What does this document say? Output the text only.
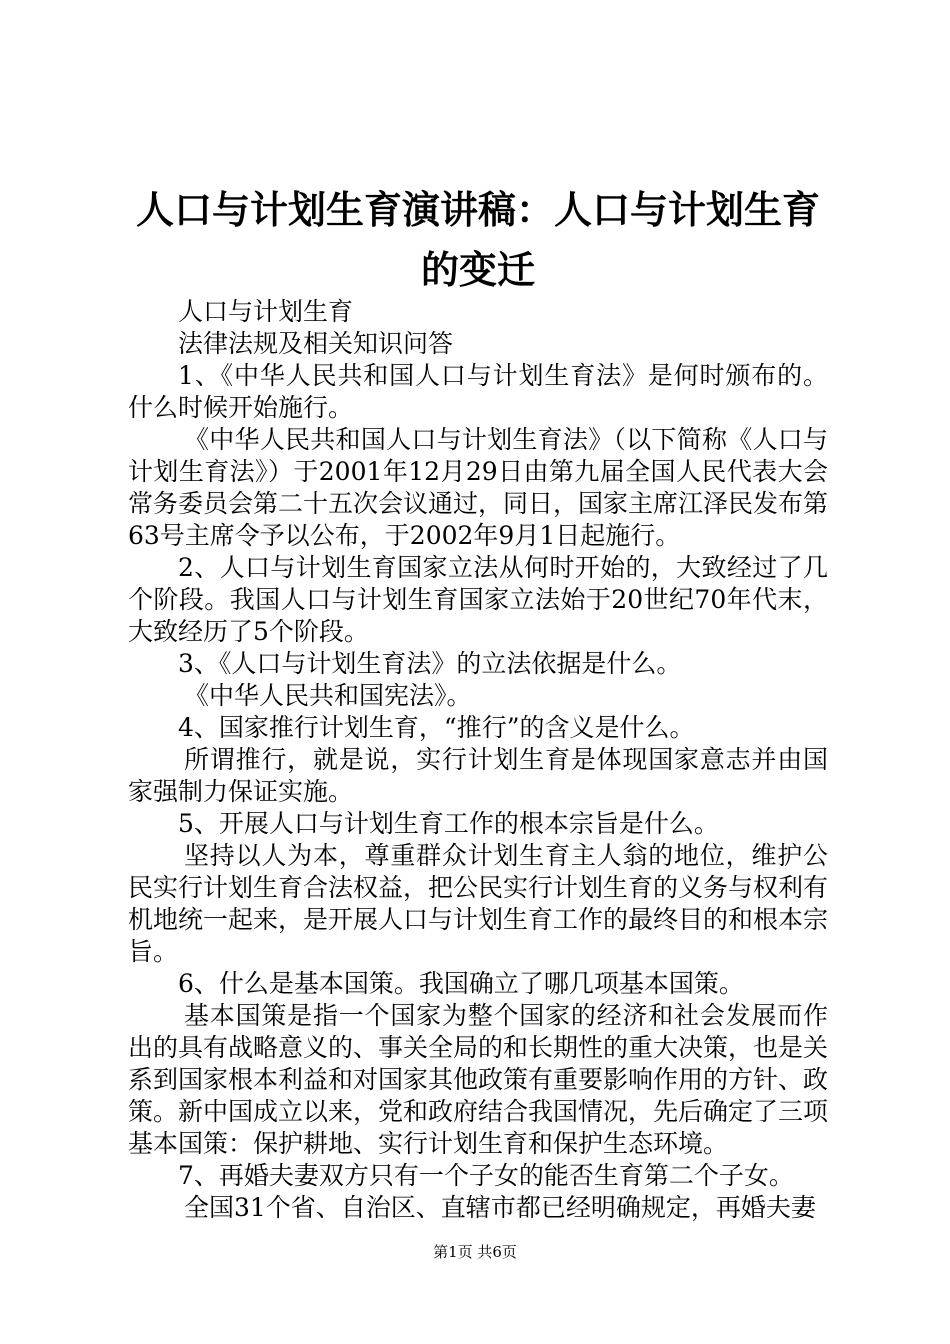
人口与计划生育演讲稿：人口与计划生育的变迁

人口与计划生育

法律法规及相关知识问答

1、《中华人民共和国人口与计划生育法》是何时颁布的。什么时候开始施行。

《中华人民共和国人口与计划生育法》（以下简称《人口与计划生育法》）于2001年12月29日由第九届全国人民代表大会常务委员会第二十五次会议通过，同日，国家主席江泽民发布第63号主席令予以公布，于2002年9月1日起施行。

2、人口与计划生育国家立法从何时开始的，大致经过了几个阶段。我国人口与计划生育国家立法始于20世纪70年代末，大致经历了5个阶段。

3、《人口与计划生育法》的立法依据是什么。

《中华人民共和国宪法》。

4、国家推行计划生育，“推行”的含义是什么。

所谓推行，就是说，实行计划生育是体现国家意志并由国家强制力保证实施。

5、开展人口与计划生育工作的根本宗旨是什么。

坚持以人为本，尊重群众计划生育主人翁的地位，维护公民实行计划生育合法权益，把公民实行计划生育的义务与权利有机地统一起来，是开展人口与计划生育工作的最终目的和根本宗旨。

6、什么是基本国策。我国确立了哪几项基本国策。

基本国策是指一个国家为整个国家的经济和社会发展而作出的具有战略意义的、事关全局的和长期性的重大决策，也是关系到国家根本利益和对国家其他政策有重要影响作用的方针、政策。新中国成立以来，党和政府结合我国情况，先后确定了三项基本国策：保护耕地、实行计划生育和保护生态环境。

7、再婚夫妻双方只有一个子女的能否生育第二个子女。

全国31个省、自治区、直辖市都已经明确规定，再婚夫妻

第1页 共6页
